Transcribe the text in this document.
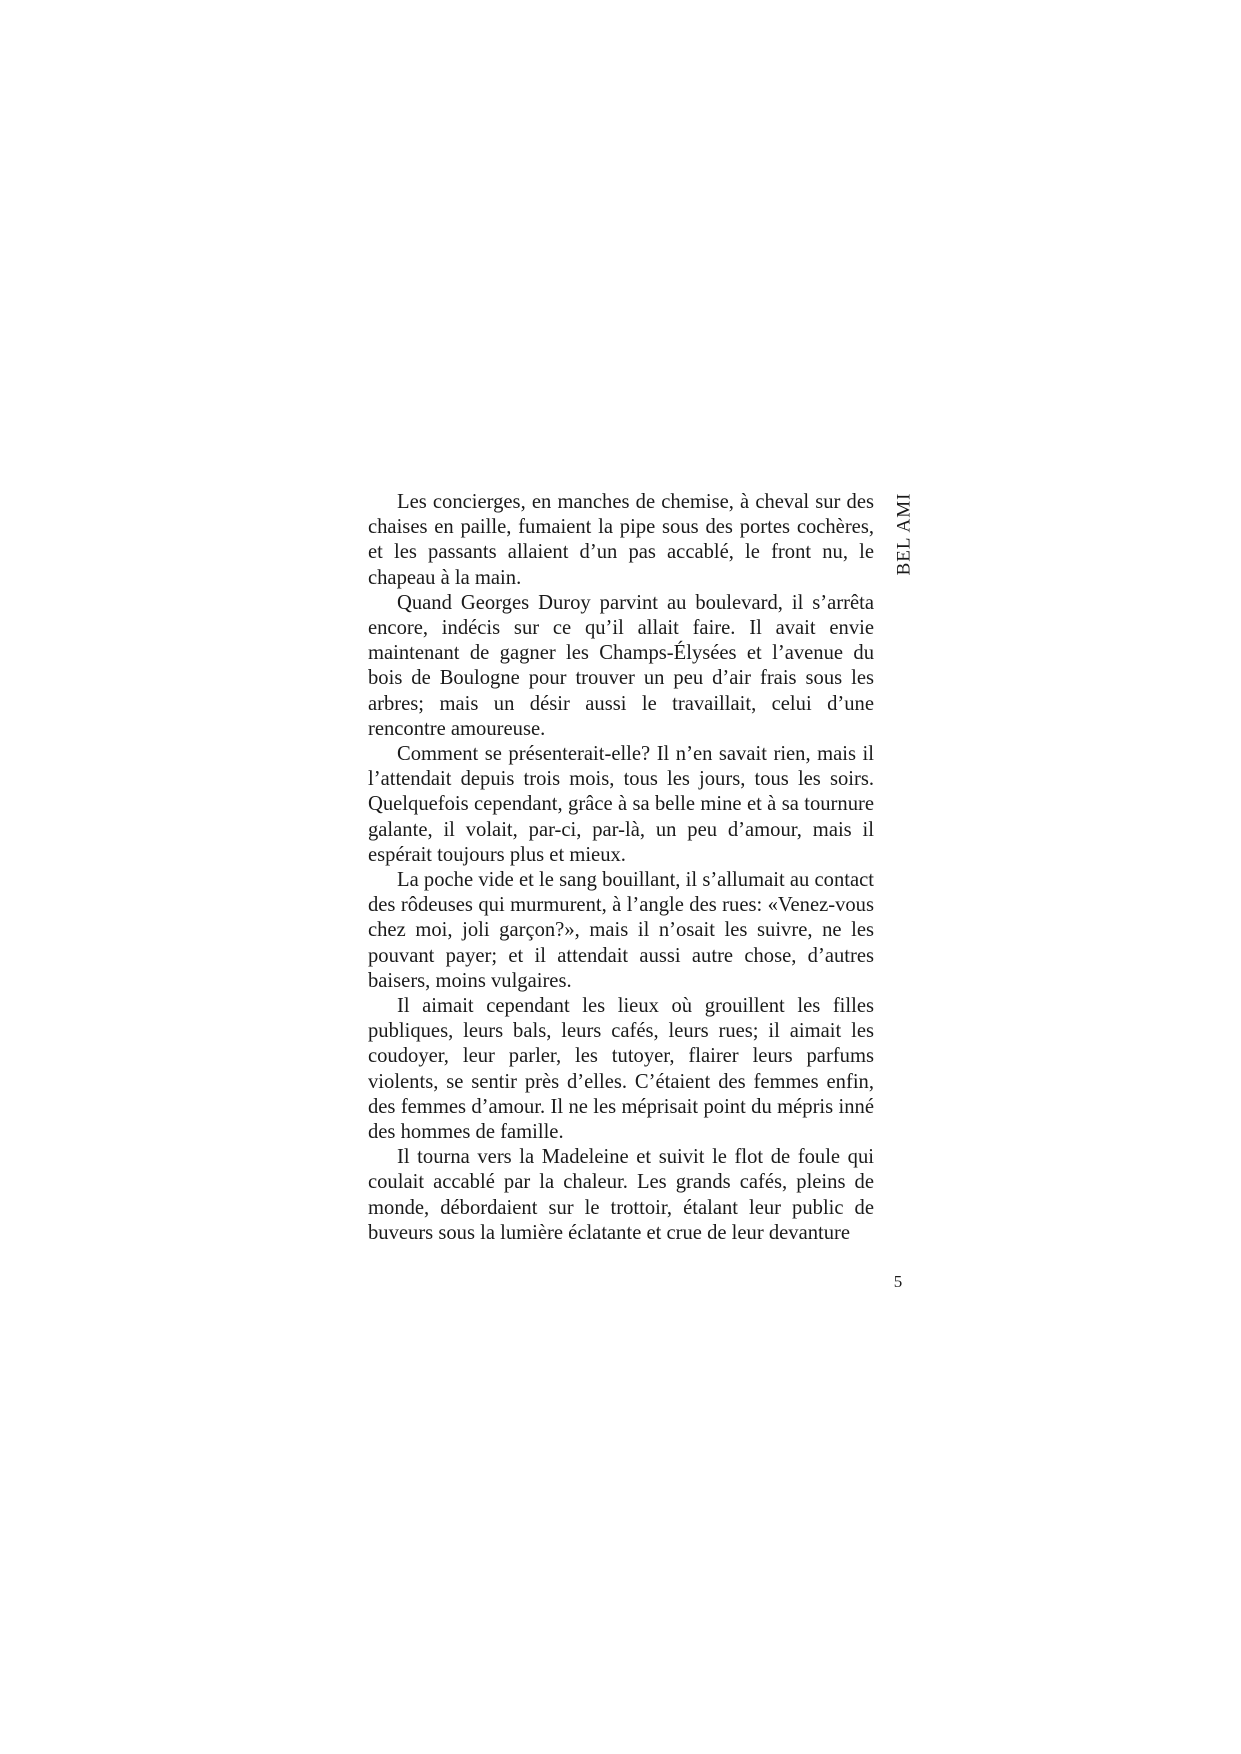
Les concierges, en manches de chemise, à cheval sur des chaises en paille, fumaient la pipe sous des portes cochères, et les passants allaient d’un pas accablé, le front nu, le chapeau à la main.

Quand Georges Duroy parvint au boulevard, il s’arrêta encore, indécis sur ce qu’il allait faire. Il avait envie maintenant de gagner les Champs-Élysées et l’avenue du bois de Boulogne pour trouver un peu d’air frais sous les arbres; mais un désir aussi le travaillait, celui d’une rencontre amoureuse.

Comment se présenterait-elle? Il n’en savait rien, mais il l’attendait depuis trois mois, tous les jours, tous les soirs. Quelquefois cependant, grâce à sa belle mine et à sa tournure galante, il volait, par-ci, par-là, un peu d’amour, mais il espérait toujours plus et mieux.

La poche vide et le sang bouillant, il s’allumait au contact des rôdeuses qui murmurent, à l’angle des rues: «Venez-vous chez moi, joli garçon?», mais il n’osait les suivre, ne les pouvant payer; et il attendait aussi autre chose, d’autres baisers, moins vulgaires.

Il aimait cependant les lieux où grouillent les filles publiques, leurs bals, leurs cafés, leurs rues; il aimait les coudoyer, leur parler, les tutoyer, flairer leurs parfums violents, se sentir près d’elles. C’étaient des femmes enfin, des femmes d’amour. Il ne les méprisait point du mépris inné des hommes de famille.

Il tourna vers la Madeleine et suivit le flot de foule qui coulait accablé par la chaleur. Les grands cafés, pleins de monde, débordaient sur le trottoir, étalant leur public de buveurs sous la lumière éclatante et crue de leur devanture

BEL AMI
5
